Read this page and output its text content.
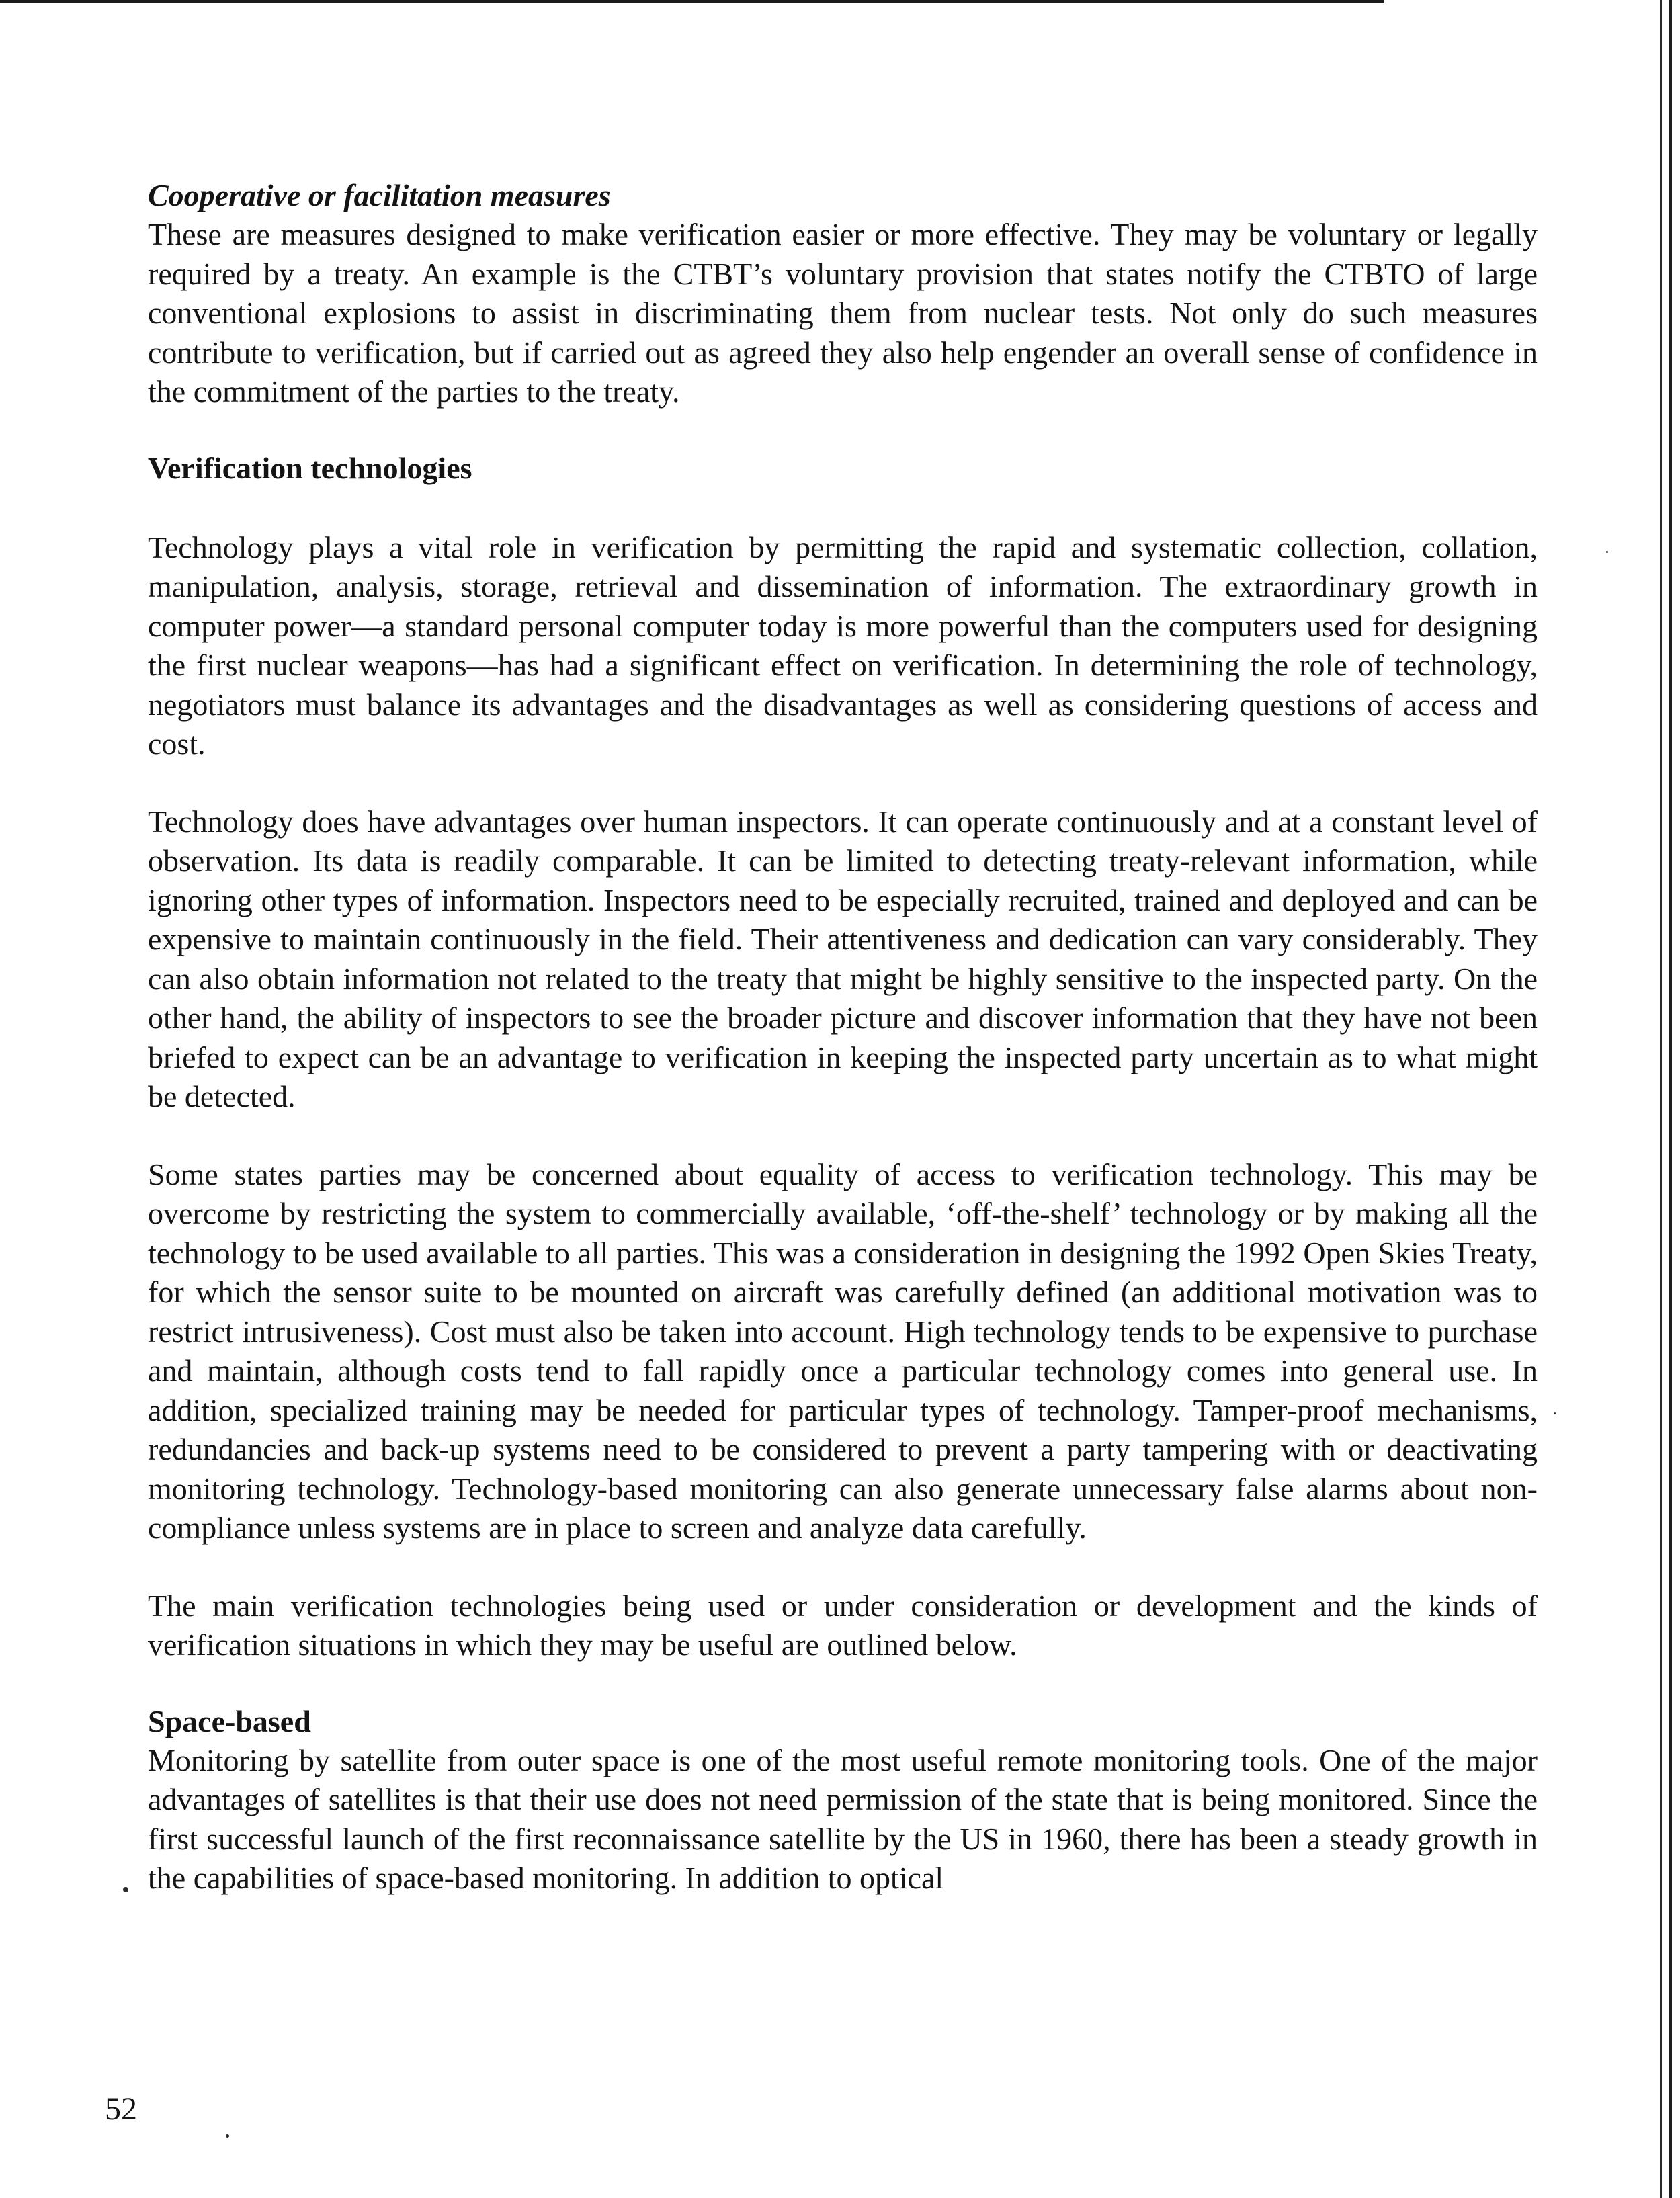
Cooperative or facilitation measures

These are measures designed to make verification easier or more effective. They may be voluntary or legally required by a treaty. An example is the CTBT’s voluntary provision that states notify the CTBTO of large conventional explosions to assist in discriminating them from nuclear tests. Not only do such measures contribute to verification, but if carried out as agreed they also help engender an overall sense of confidence in the commitment of the parties to the treaty.

Verification technologies

Technology plays a vital role in verification by permitting the rapid and systematic collection, collation, manipulation, analysis, storage, retrieval and dissemination of information. The extraordinary growth in computer power—a standard personal computer today is more powerful than the computers used for designing the first nuclear weapons—has had a significant effect on verification. In determining the role of technology, negotiators must balance its advantages and the disadvantages as well as considering questions of access and cost.

Technology does have advantages over human inspectors. It can operate continuously and at a constant level of observation. Its data is readily comparable. It can be limited to detecting treaty-relevant information, while ignoring other types of information. Inspectors need to be especially recruited, trained and deployed and can be expensive to maintain continuously in the field. Their attentiveness and dedication can vary considerably. They can also obtain information not related to the treaty that might be highly sensitive to the inspected party. On the other hand, the ability of inspectors to see the broader picture and discover information that they have not been briefed to expect can be an advantage to verification in keeping the inspected party uncertain as to what might be detected.

Some states parties may be concerned about equality of access to verification technology. This may be overcome by restricting the system to commercially available, ‘off-the-shelf’ technology or by making all the technology to be used available to all parties. This was a consideration in designing the 1992 Open Skies Treaty, for which the sensor suite to be mounted on aircraft was carefully defined (an additional motivation was to restrict intrusiveness). Cost must also be taken into account. High technology tends to be expensive to purchase and maintain, although costs tend to fall rapidly once a particular technology comes into general use. In addition, specialized training may be needed for particular types of technology. Tamper-proof mechanisms, redundancies and back-up systems need to be considered to prevent a party tampering with or deactivating monitoring technology. Technology-based monitoring can also generate unnecessary false alarms about non-compliance unless systems are in place to screen and analyze data carefully.

The main verification technologies being used or under consideration or development and the kinds of verification situations in which they may be useful are outlined below.

Space-based

Monitoring by satellite from outer space is one of the most useful remote monitoring tools. One of the major advantages of satellites is that their use does not need permission of the state that is being monitored. Since the first successful launch of the first reconnaissance satellite by the US in 1960, there has been a steady growth in the capabilities of space-based monitoring. In addition to optical

52
